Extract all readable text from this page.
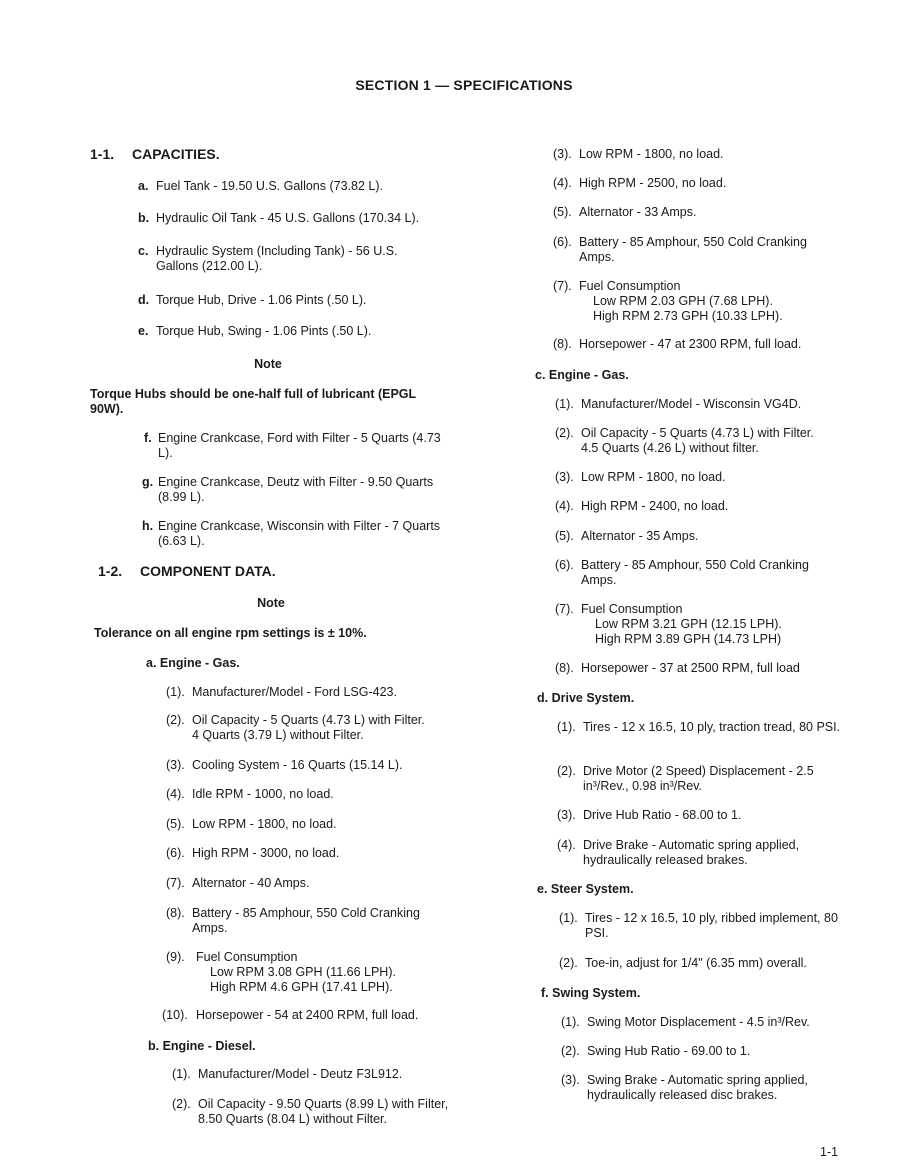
SECTION 1 — SPECIFICATIONS
1-1. CAPACITIES.
a. Fuel Tank - 19.50 U.S. Gallons (73.82 L).
b. Hydraulic Oil Tank - 45 U.S. Gallons (170.34 L).
c. Hydraulic System (Including Tank) - 56 U.S. Gallons (212.00 L).
d. Torque Hub, Drive - 1.06 Pints (.50 L).
e. Torque Hub, Swing - 1.06 Pints (.50 L).
Note
Torque Hubs should be one-half full of lubricant (EPGL 90W).
f. Engine Crankcase, Ford with Filter - 5 Quarts (4.73 L).
g. Engine Crankcase, Deutz with Filter - 9.50 Quarts (8.99 L).
h. Engine Crankcase, Wisconsin with Filter - 7 Quarts (6.63 L).
1-2. COMPONENT DATA.
Note
Tolerance on all engine rpm settings is ± 10%.
a. Engine - Gas.
(1). Manufacturer/Model - Ford LSG-423.
(2). Oil Capacity - 5 Quarts (4.73 L) with Filter.
4 Quarts (3.79 L) without Filter.
(3). Cooling System - 16 Quarts (15.14 L).
(4). Idle RPM - 1000, no load.
(5). Low RPM - 1800, no load.
(6). High RPM - 3000, no load.
(7). Alternator - 40 Amps.
(8). Battery - 85 Amphour, 550 Cold Cranking Amps.
(9). Fuel Consumption
Low RPM 3.08 GPH (11.66 LPH).
High RPM 4.6 GPH (17.41 LPH).
(10). Horsepower - 54 at 2400 RPM, full load.
b. Engine - Diesel.
(1). Manufacturer/Model - Deutz F3L912.
(2). Oil Capacity - 9.50 Quarts (8.99 L) with Filter, 8.50 Quarts (8.04 L) without Filter.
(3). Low RPM - 1800, no load.
(4). High RPM - 2500, no load.
(5). Alternator - 33 Amps.
(6). Battery - 85 Amphour, 550 Cold Cranking Amps.
(7). Fuel Consumption
Low RPM 2.03 GPH (7.68 LPH).
High RPM 2.73 GPH (10.33 LPH).
(8). Horsepower - 47 at 2300 RPM, full load.
c. Engine - Gas.
(1). Manufacturer/Model - Wisconsin VG4D.
(2). Oil Capacity - 5 Quarts (4.73 L) with Filter.
4.5 Quarts (4.26 L) without filter.
(3). Low RPM - 1800, no load.
(4). High RPM - 2400, no load.
(5). Alternator - 35 Amps.
(6). Battery - 85 Amphour, 550 Cold Cranking Amps.
(7). Fuel Consumption
Low RPM 3.21 GPH (12.15 LPH).
High RPM 3.89 GPH (14.73 LPH)
(8). Horsepower - 37 at 2500 RPM, full load
d. Drive System.
(1). Tires - 12 x 16.5, 10 ply, traction tread, 80 PSI.
(2). Drive Motor (2 Speed) Displacement - 2.5 in³/Rev., 0.98 in³/Rev.
(3). Drive Hub Ratio - 68.00 to 1.
(4). Drive Brake - Automatic spring applied, hydraulically released brakes.
e. Steer System.
(1). Tires - 12 x 16.5, 10 ply, ribbed implement, 80 PSI.
(2). Toe-in, adjust for 1/4" (6.35 mm) overall.
f. Swing System.
(1). Swing Motor Displacement - 4.5 in³/Rev.
(2). Swing Hub Ratio - 69.00 to 1.
(3). Swing Brake - Automatic spring applied, hydraulically released disc brakes.
1-1
